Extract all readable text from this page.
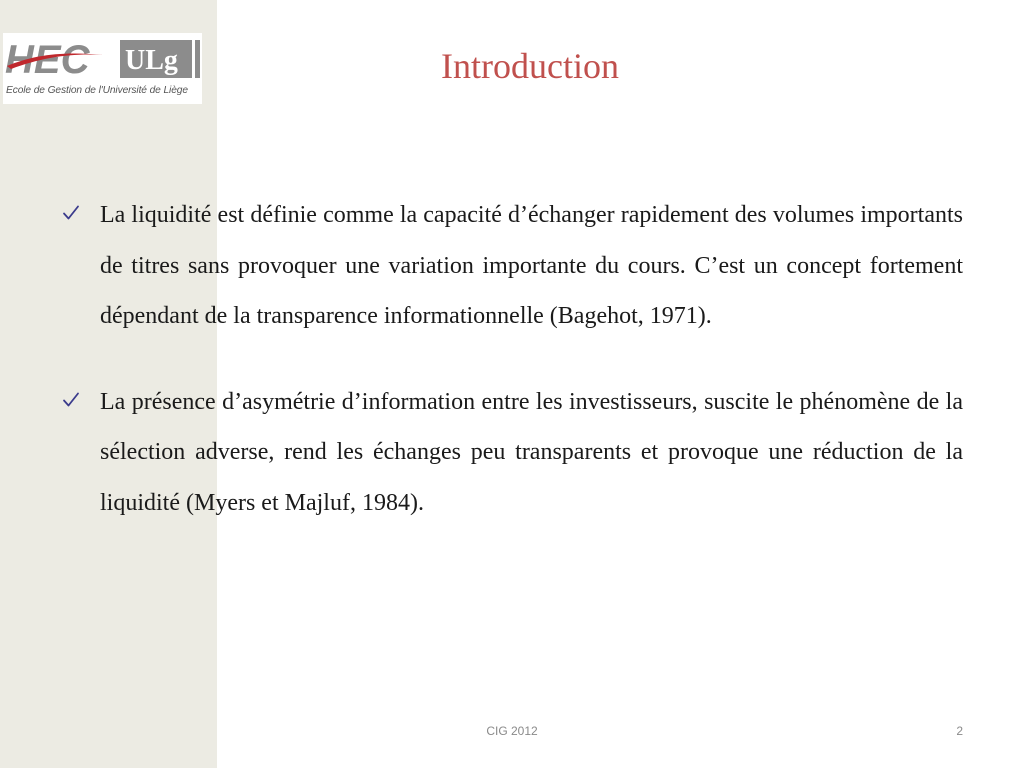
HEC ULg
Ecole de Gestion de l'Université de Liège
Introduction
La liquidité est définie comme la capacité d’échanger rapidement des volumes importants de titres sans provoquer une variation importante du cours. C’est un concept fortement dépendant de la transparence informationnelle (Bagehot, 1971).
La présence d’asymétrie d’information entre les investisseurs, suscite le phénomène de la sélection adverse, rend les échanges peu transparents et provoque une réduction de la liquidité (Myers et Majluf, 1984).
CIG 2012	2
